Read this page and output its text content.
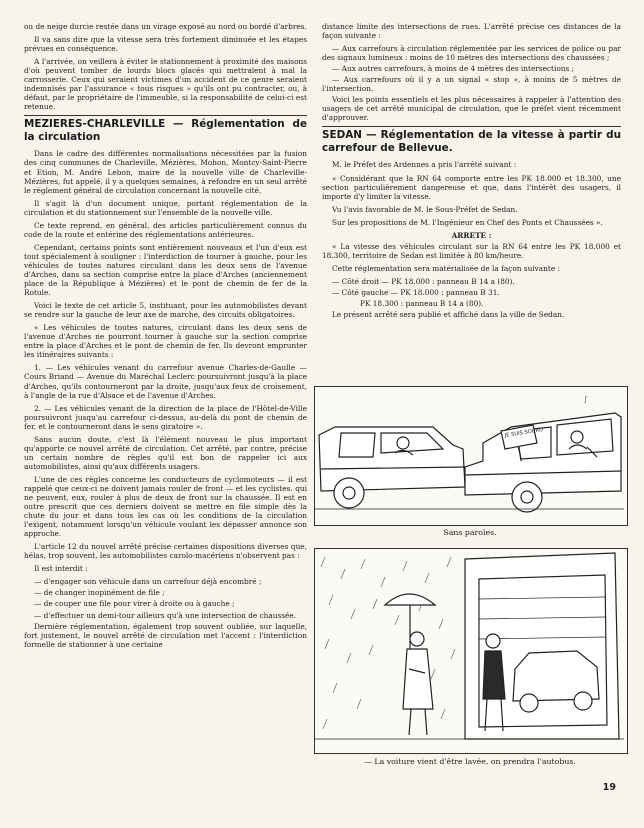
ou de neige durcie restée dans un virage exposé au nord ou bordé d'arbres.

Il va sans dire que la vitesse sera très fortement diminuée et les étapes prévues en conséquence.

A l'arrivée, on veillera à éviter le stationnement à proximité des maisons d'où peuvent tomber de lourds blocs glacés qui mettraient à mal la carrosserie. Ceux qui seraient victimes d'un accident de ce genre seraient indemnisés par l'assurance « tous risques » qu'ils ont pu contracter, ou, à défaut, par le propriétaire de l'immeuble, si la responsabilité de celui-ci est retenue.

MEZIERES-CHARLEVILLE — Réglementation de la circulation

Dans le cadre des différentes normalisations nécessitées par la fusion des cinq communes de Charleville, Mézières, Mohon, Montcy-Saint-Pierre et Etion, M. André Lebon, maire de la nouvelle ville de Charleville-Mézières, fut appelé, il y a quelques semaines, à refondre en un seul arrêté le règlement général de circulation concernant la nouvelle cité.

Il s'agit là d'un document unique, portant réglementation de la circulation et du stationnement sur l'ensemble de la nouvelle ville.

Ce texte reprend, en général, des articles particulièrement connus du code de la route et entérine des réglementations antérieures.

Cependant, certains points sont entièrement nouveaux et l'un d'eux est tout spécialement à souligner : l'interdiction de tourner à gauche, pour les véhicules de toutes natures circulant dans les deux sens de l'avenue d'Arches, dans sa section comprise entre la place d'Arches (anciennement place de la République à Mézières) et le pont de chemin de fer de la Rotule.

Voici le texte de cet article 5, instituant, pour les automobilistes devant se rendre sur la gauche de leur axe de marche, des circuits obligatoires.

« Les véhicules de toutes natures, circulant dans les deux sens de l'avenue d'Arches ne pourront tourner à gauche sur la section comprise entre la place d'Arches et le pont de chemin de fer. Ils devront emprunter les itinéraires suivants :

1. — Les véhicules venant du carrefour avenue Charles-de-Gaulle — Cours Briand — Avenue du Maréchal Leclerc poursuivront jusqu'à la place d'Arches, qu'ils contourneront par la droite, jusqu'aux feux de croisement, à l'angle de la rue d'Alsace et de l'avenue d'Arches.

2. — Les véhicules venant de la direction de la place de l'Hôtel-de-Ville poursuivront jusqu'au carrefour ci-dessus, au-delà du pont de chemin de fer, et le contourneront dans le sens giratoire ».

Sans aucun doute, c'est là l'élément nouveau le plus important qu'apporte ce nouvel arrêté de circulation. Cet arrêté, par contre, précise un certain nombre de règles qu'il est bon de rappeler ici aux automobilistes, ainsi qu'aux différents usagers.

L'une de ces règles concerne les conducteurs de cyclomoteurs — il est rappelé que ceux-ci ne doivent jamais rouler de front — et les cyclistes. qui ne peuvent, eux, rouler à plus de deux de front sur la chaussée. Il est en outre prescrit que ces derniers doivent se mettre en file simple dès la chute du jour et dans tous les cas où les conditions de la circulation l'exigent, notamment lorsqu'un véhicule voulant les dépasser annonce son approche.

L'article 12 du nouvel arrêté précise certaines dispositions diverses que, hélas, trop souvent, les automobilistes carolo-macériens n'observent pas :

Il est interdit :

— d'engager son véhicule dans un carrefour déjà encombré ;

— de changer inopinément de file ;

— de couper une file pour virer à droite ou à gauche ;

— d'effectuer un demi-tour ailleurs qu'à une intersection de chaussée.

Dernière réglementation, également trop souvent oubliée, sur laquelle, fort justement, le nouvel arrêté de circulation met l'accent : l'interdiction formelle de stationner à une certaine

distance limite des intersections de rues. L'arrêté précise ces distances de la façon suivante :

— Aux carrefours à circulation réglementée par les services de police ou par des signaux lumineux : moins de 10 mètres des intersections des chaussées ;

— Aux autres carrefours, à moins de 4 mètres des intersections ;

— Aux carrefours où il y a un signal « stop », à moins de 5 mètres de l'intersection.

Voici les points essentiels et les plus nécessaires à rappeler à l'attention des usagers de cet arrêté municipal de circulation, que le préfet vient récemment d'approuver.

SEDAN — Réglementation de la vitesse à partir du carrefour de Bellevue.

M. le Préfet des Ardennes a pris l'arrêté suivant :

« Considérant que la RN 64 comporte entre les PK 18.000 et 18.300, une section particulièrement dangereuse et que, dans l'intérêt des usagers, il importe d'y limiter la vitesse.

Vu l'avis favorable de M. le Sous-Préfet de Sedan.

Sur les propositions de M. l'Ingénieur en Chef des Ponts et Chaussées ».

ARRETE :

« La vitesse des véhicules circulant sur la RN 64 entre les PK 18.000 et 18.300, territoire de Sedan est limitée à 80 km/heure.

Cette réglementation sera matérialisée de la façon suivante :

— Côté droit — PK 18.000 : panneau B 14 a (80).

— Côté gauche — PK 18.000 : panneau B 31.

PK 18.300 : panneau B 14 a (80).

Le présent arrêté sera publié et affiché dans la ville de Sedan.

JE SUIS SOURD
ʃ
Sans paroles.
— La voiture vient d'être lavée, on prendra l'autobus.
19
